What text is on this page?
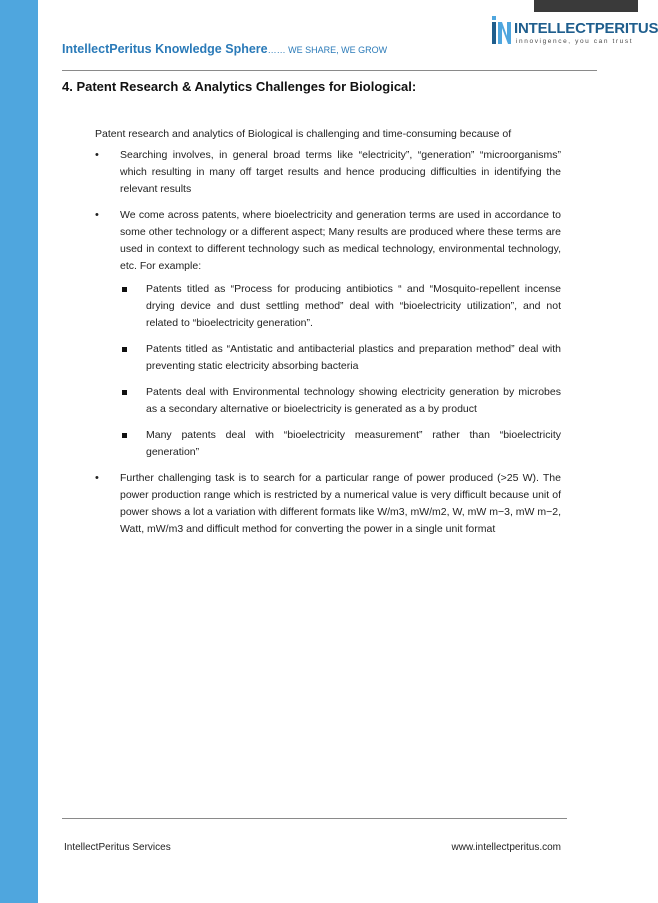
INTELLECTPERITUS
innovigence, you can trust
IntellectPeritus Knowledge Sphere…… WE SHARE, WE GROW
4. Patent Research & Analytics Challenges for Biological:

Patent research and analytics of Biological is challenging and time-consuming because of

• Searching involves, in general broad terms like “electricity”, “generation” “microorganisms” which resulting in many off target results and hence producing difficulties in identifying the relevant results
• We come across patents, where bioelectricity and generation terms are used in accordance to some other technology or a different aspect; Many results are produced where these terms are used in context to different technology such as medical technology, environmental technology, etc. For example:
Patents titled as “Process for producing antibiotics “ and “Mosquito-repellent incense drying device and dust settling method” deal with “bioelectricity utilization”, and not related to “bioelectricity generation”.
Patents titled as “Antistatic and antibacterial plastics and preparation method” deal with preventing static electricity absorbing bacteria
Patents deal with Environmental technology showing electricity generation by microbes as a secondary alternative or bioelectricity is generated as a by product
Many patents deal with “bioelectricity measurement” rather than “bioelectricity generation”
• Further challenging task is to search for a particular range of power produced (>25 W). The power production range which is restricted by a numerical value is very difficult because unit of power shows a lot a variation with different formats like W/m3, mW/m2, W, mW m−3, mW m−2, Watt, mW/m3 and difficult method for converting the power in a single unit format
IntellectPeritus Services	www.intellectperitus.com
